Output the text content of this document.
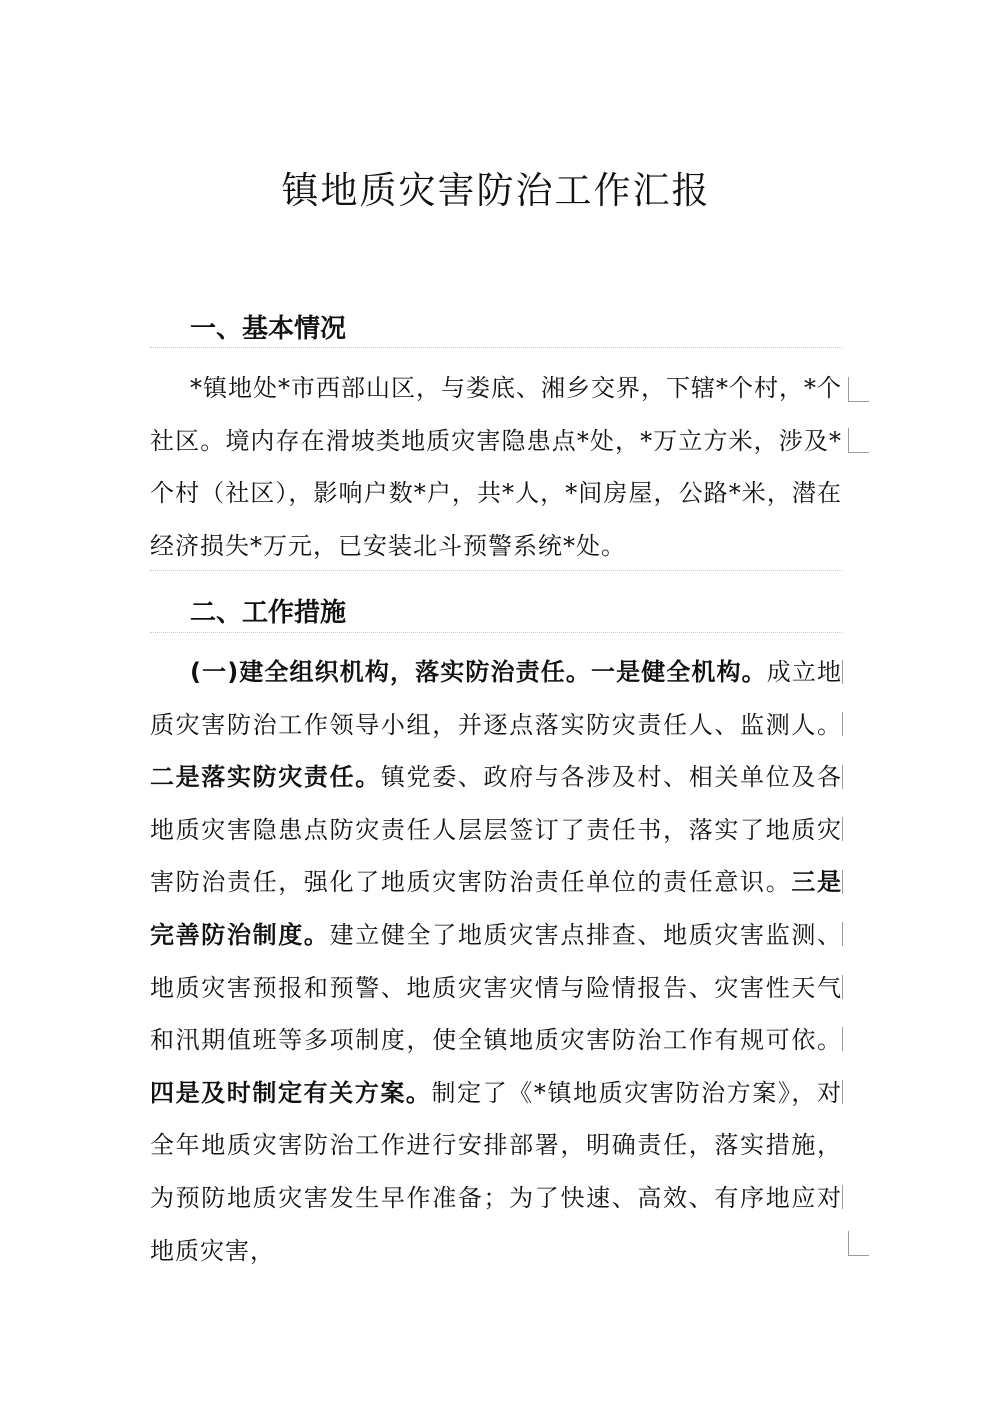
镇地质灾害防治工作汇报
一、基本情况
*镇地处*市西部山区，与娄底、湘乡交界，下辖*个村，*个社区。境内存在滑坡类地质灾害隐患点*处，*万立方米，涉及*个村（社区），影响户数*户，共*人，*间房屋，公路*米，潜在经济损失*万元，已安装北斗预警系统*处。
二、工作措施
(一)建全组织机构，落实防治责任。一是健全机构。成立地质灾害防治工作领导小组，并逐点落实防灾责任人、监测人。二是落实防灾责任。镇党委、政府与各涉及村、相关单位及各地质灾害隐患点防灾责任人层层签订了责任书，落实了地质灾害防治责任，强化了地质灾害防治责任单位的责任意识。三是完善防治制度。建立健全了地质灾害点排查、地质灾害监测、地质灾害预报和预警、地质灾害灾情与险情报告、灾害性天气和汛期值班等多项制度，使全镇地质灾害防治工作有规可依。四是及时制定有关方案。制定了《*镇地质灾害防治方案》，对全年地质灾害防治工作进行安排部署，明确责任，落实措施，为预防地质灾害发生早作准备；为了快速、高效、有序地应对地质灾害，
